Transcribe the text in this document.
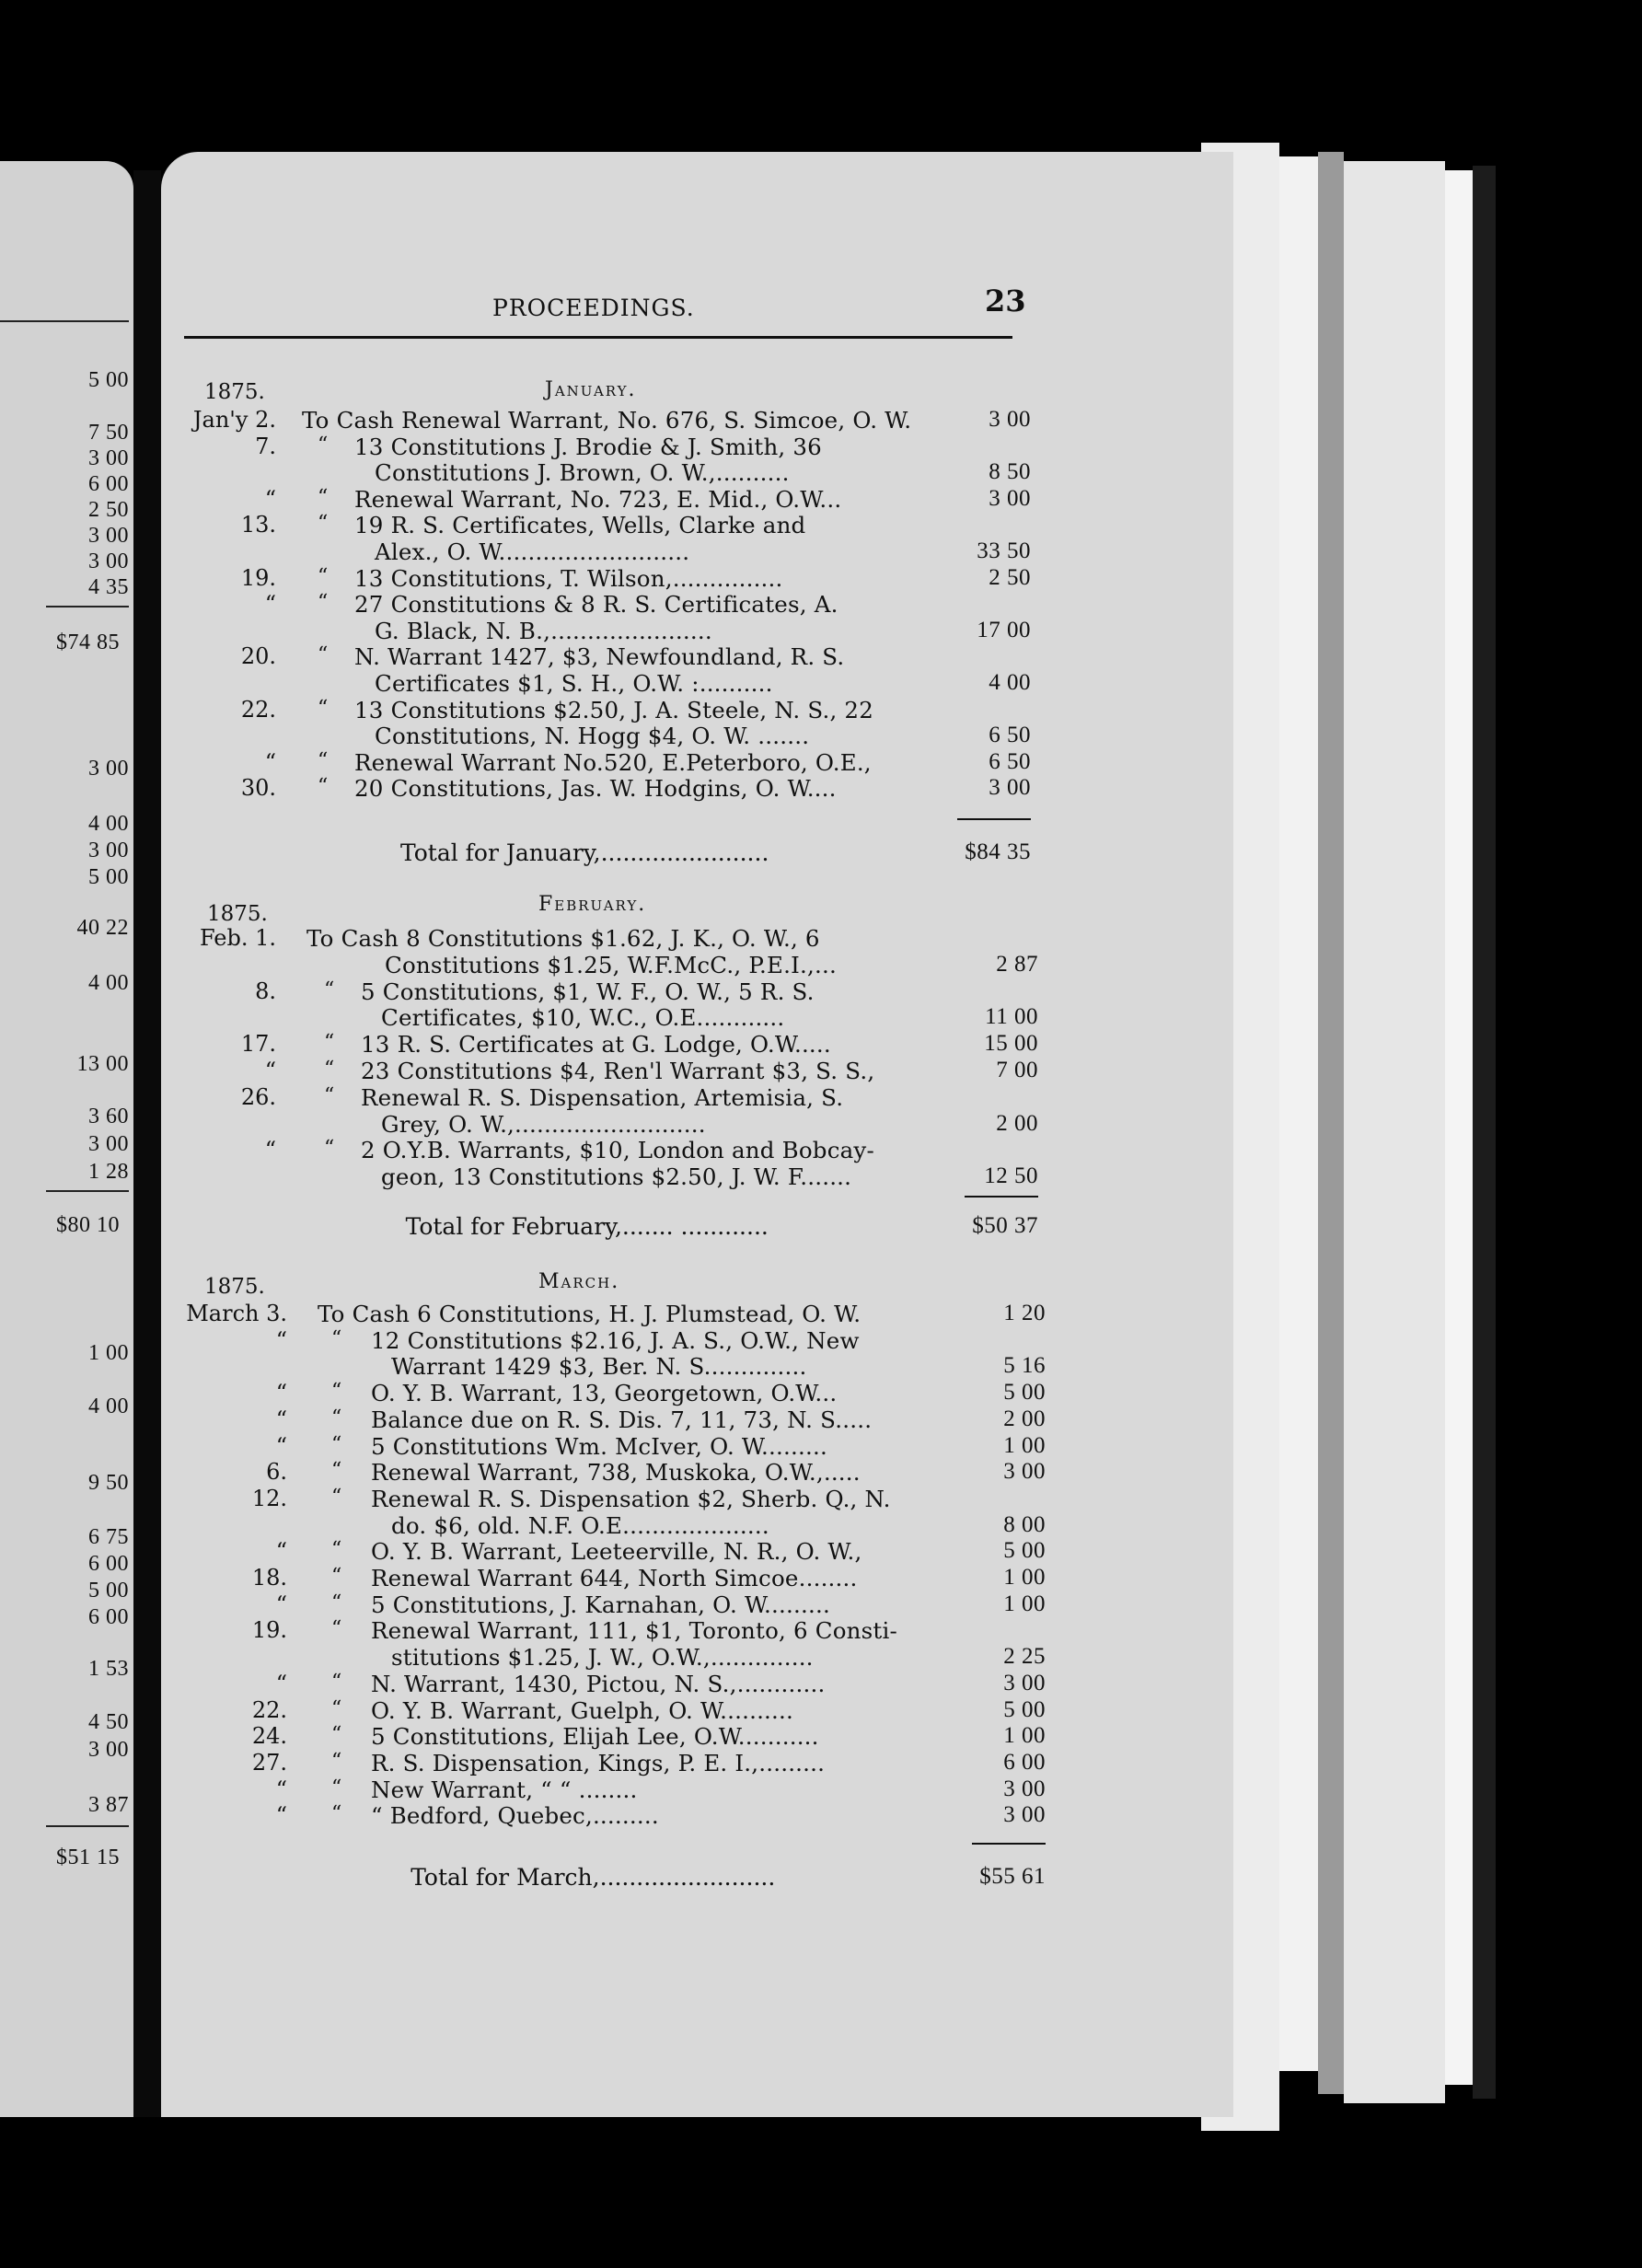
5 00
7 50
3 00
6 00
2 50
3 00
3 00
4 35
$74 85
3 00
4 00
3 00
5 00
40 22
4 00
13 00
3 60
3 00
1 28
$80 10
1 00
4 00
9 50
6 75
6 00
5 00
6 00
1 53
4 50
3 00
3 87
$51 15
PROCEEDINGS.	23
1875.	January.
Jan'y 2. To Cash Renewal Warrant, No. 676, S. Simcoe, O. W.	3 00
7. “ 13 Constitutions J. Brodie & J. Smith, 36
Constitutions J. Brown, O. W.,..........	8 50
“ “ Renewal Warrant, No. 723, E. Mid., O.W...	3 00
13. “ 19 R. S. Certificates, Wells, Clarke and
Alex., O. W..........................	33 50
19. “ 13 Constitutions, T. Wilson,...............	2 50
“ “ 27 Constitutions & 8 R. S. Certificates, A.
G. Black, N. B.,......................	17 00
20. “ N. Warrant 1427, $3, Newfoundland, R. S.
Certificates $1, S. H., O.W. :..........	4 00
22. “ 13 Constitutions $2.50, J. A. Steele, N. S., 22
Constitutions, N. Hogg $4, O. W. .......	6 50
“ “ Renewal Warrant No.520, E.Peterboro, O.E.,	6 50
30. “ 20 Constitutions, Jas. W. Hodgins, O. W....	3 00
Total for January,.......................	$84 35
1875.	February.
Feb. 1. To Cash 8 Constitutions $1.62, J. K., O. W., 6
Constitutions $1.25, W.F.McC., P.E.I.,...	2 87
8. “ 5 Constitutions, $1, W. F., O. W., 5 R. S.
Certificates, $10, W.C., O.E............	11 00
17. “ 13 R. S. Certificates at G. Lodge, O.W.....	15 00
“ “ 23 Constitutions $4, Ren'l Warrant $3, S. S.,	7 00
26. “ Renewal R. S. Dispensation, Artemisia, S.
Grey, O. W.,..........................	2 00
“ “ 2 O.Y.B. Warrants, $10, London and Bobcay-
geon, 13 Constitutions $2.50, J. W. F.......	12 50
Total for February,....... ............	$50 37
1875.	March.
March 3. To Cash 6 Constitutions, H. J. Plumstead, O. W.	1 20
“ “ 12 Constitutions $2.16, J. A. S., O.W., New
Warrant 1429 $3, Ber. N. S..............	5 16
“ “ O. Y. B. Warrant, 13, Georgetown, O.W...	5 00
“ “ Balance due on R. S. Dis. 7, 11, 73, N. S.....	2 00
“ “ 5 Constitutions Wm. McIver, O. W.........	1 00
6. “ Renewal Warrant, 738, Muskoka, O.W.,.....	3 00
12. “ Renewal R. S. Dispensation $2, Sherb. Q., N.
do. $6, old. N.F. O.E....................	8 00
“ “ O. Y. B. Warrant, Leeteerville, N. R., O. W.,	5 00
18. “ Renewal Warrant 644, North Simcoe........	1 00
“ “ 5 Constitutions, J. Karnahan, O. W.........	1 00
19. “ Renewal Warrant, 111, $1, Toronto, 6 Consti-
stitutions $1.25, J. W., O.W.,..............	2 25
“ “ N. Warrant, 1430, Pictou, N. S.,............	3 00
22. “ O. Y. B. Warrant, Guelph, O. W..........	5 00
24. “ 5 Constitutions, Elijah Lee, O.W...........	1 00
27. “ R. S. Dispensation, Kings, P. E. I.,.........	6 00
“ “ New Warrant, “ “ ........	3 00
“ “ “ Bedford, Quebec,.........	3 00
Total for March,........................	$55 61
